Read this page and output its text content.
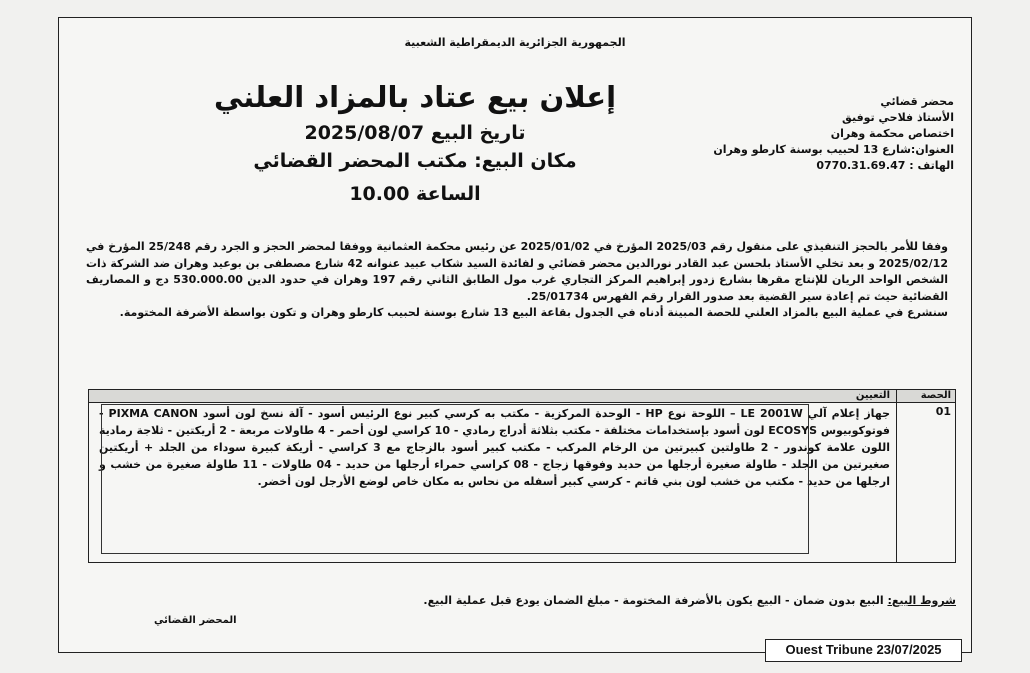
الجمهورية الجزائرية الديمقراطية الشعبية
إعلان بيع عتاد بالمزاد العلني
تاريخ البيع 2025/08/07
مكان البيع: مكتب المحضر القضائي
الساعة 10.00
محضر قضائي
الأستاذ فلاحي توفيق
اختصاص محكمة وهران
العنوان:شارع 13 لحبيب بوسنة كارطو وهران
الهاتف : 0770.31.69.47

وفقا للأمر بالحجز التنفيذي على منقول رقم 2025/03 المؤرخ في 2025/01/02 عن رئيس محكمة العثمانية ووفقا لمحضر الحجز و الجرد رقم 25/248 المؤرخ في 2025/02/12 و بعد تخلي الأستاذ بلحسن عبد القادر نورالدين محضر قضائي و لفائدة السيد شكاب عبيد عنوانه 42 شارع مصطفى بن بوعيد وهران ضد الشركة ذات الشخص الواحد الريان للإنتاج مقرها بشارع زدور إبراهيم المركز التجاري غرب مول الطابق الثاني رقم 197 وهران في حدود الدين 530.000.00 دج و المصاريف القضائية حيث تم إعادة سير القضية بعد صدور القرار رقم الفهرس 25/01734.

سنشرع في عملية البيع بالمزاد العلني للحصة المبينة أدناه في الجدول بقاعة البيع 13 شارع بوسنة لحبيب كارطو وهران و تكون بواسطة الأضرفة المختومة.

الحصة
التعيين
01
جهاز إعلام آلي LE 2001W – اللوحة نوع HP - الوحدة المركزية - مكتب به كرسي كبير نوع الرئيس أسود - آلة نسخ لون أسود PIXMA CANON - فوتوكوبيوس ECOSYS لون أسود بإستخدامات مختلفة - مكتب بثلاثة أدراج رمادي - 10 كراسي لون أحمر - 4 طاولات مربعة - 2 أريكتين - ثلاجة رمادية اللون علامة كوندور - 2 طاولتين كبيرتين من الرخام المركب - مكتب كبير أسود بالزجاج مع 3 كراسي - أريكة كبيرة سوداء من الجلد + أريكتين صغيرتين من الجلد - طاولة صغيرة أرجلها من حديد وفوقها زجاج - 08 كراسي حمراء أرجلها من حديد - 04 طاولات - 11 طاولة صغيرة من خشب و ارجلها من حديد - مكتب من خشب لون بني قاتم - كرسي كبير أسفله من نحاس به مكان خاص لوضع الأرجل لون أخضر.
شروط البيع: البيع بدون ضمان - البيع يكون بالأضرفة المختومة - مبلغ الضمان يودع قبل عملية البيع.
المحضر القضائي
Ouest Tribune 23/07/2025
